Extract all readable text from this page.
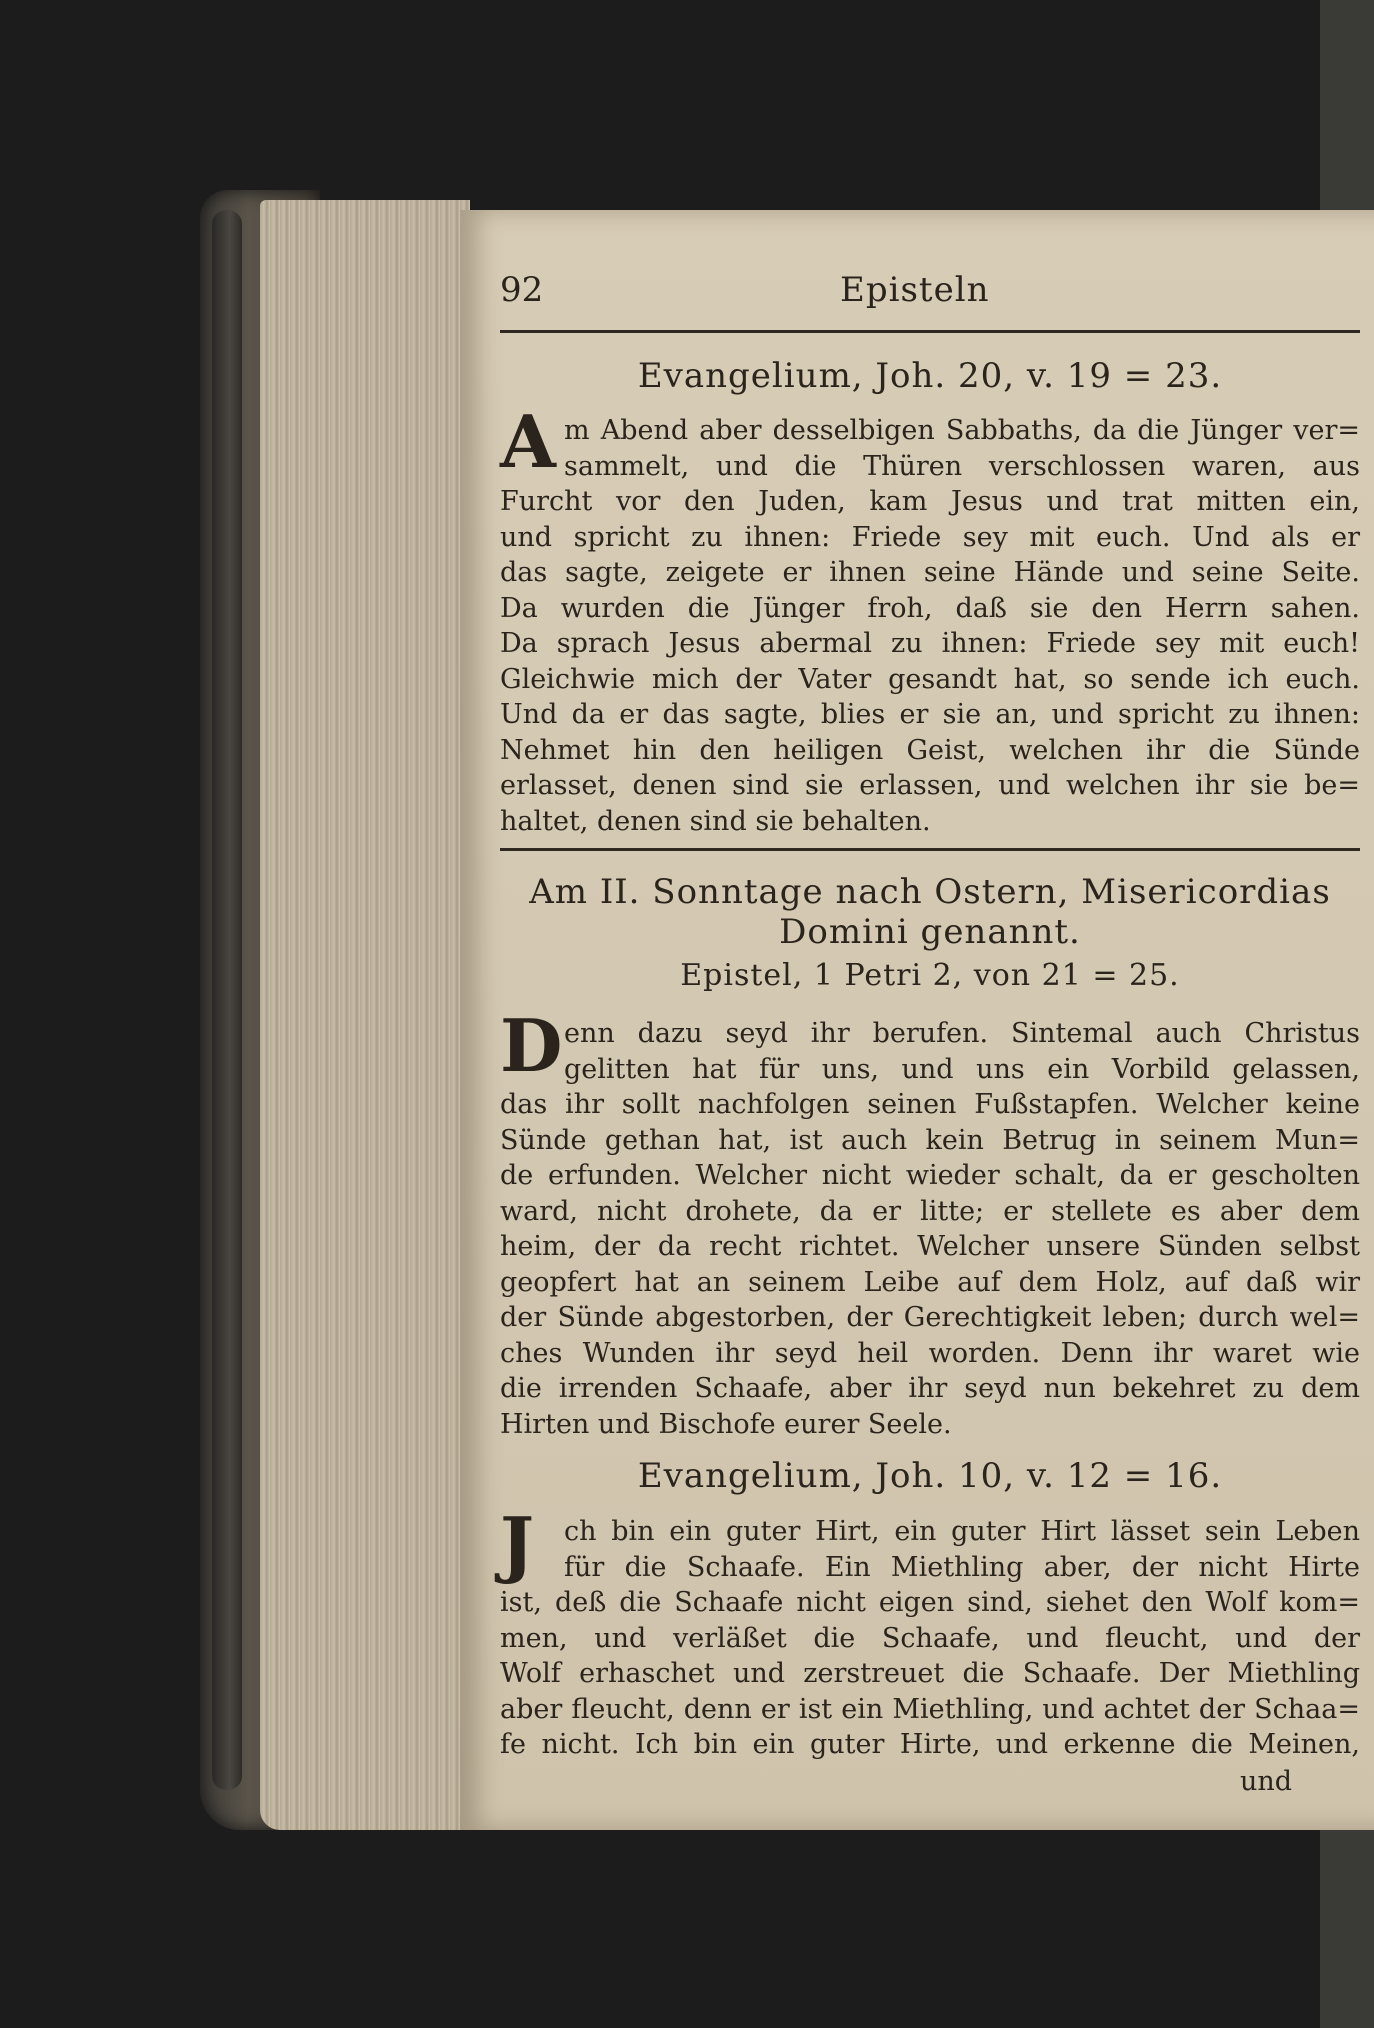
92	Episteln
Evangelium, Joh. 20, v. 19 = 23.
A m Abend aber desselbigen Sabbaths, da die Jünger ver=
sammelt, und die Thüren verschlossen waren, aus
Furcht vor den Juden, kam Jesus und trat mitten ein,
und spricht zu ihnen: Friede sey mit euch. Und als er
das sagte, zeigete er ihnen seine Hände und seine Seite.
Da wurden die Jünger froh, daß sie den Herrn sahen.
Da sprach Jesus abermal zu ihnen: Friede sey mit euch!
Gleichwie mich der Vater gesandt hat, so sende ich euch.
Und da er das sagte, blies er sie an, und spricht zu ihnen:
Nehmet hin den heiligen Geist, welchen ihr die Sünde
erlasset, denen sind sie erlassen, und welchen ihr sie be=
haltet, denen sind sie behalten.
Am II. Sonntage nach Ostern, Misericordias
Domini genannt.
Epistel, 1 Petri 2, von 21 = 25.
D enn dazu seyd ihr berufen. Sintemal auch Christus
gelitten hat für uns, und uns ein Vorbild gelassen,
das ihr sollt nachfolgen seinen Fußstapfen. Welcher keine
Sünde gethan hat, ist auch kein Betrug in seinem Mun=
de erfunden. Welcher nicht wieder schalt, da er gescholten
ward, nicht drohete, da er litte; er stellete es aber dem
heim, der da recht richtet. Welcher unsere Sünden selbst
geopfert hat an seinem Leibe auf dem Holz, auf daß wir
der Sünde abgestorben, der Gerechtigkeit leben; durch wel=
ches Wunden ihr seyd heil worden. Denn ihr waret wie
die irrenden Schaafe, aber ihr seyd nun bekehret zu dem
Hirten und Bischofe eurer Seele.
Evangelium, Joh. 10, v. 12 = 16.
J	ch bin ein guter Hirt, ein guter Hirt lässet sein Leben
für die Schaafe. Ein Miethling aber, der nicht Hirte
ist, deß die Schaafe nicht eigen sind, siehet den Wolf kom=
men, und verläßet die Schaafe, und fleucht, und der
Wolf erhaschet und zerstreuet die Schaafe. Der Miethling
aber fleucht, denn er ist ein Miethling, und achtet der Schaa=
fe nicht. Ich bin ein guter Hirte, und erkenne die Meinen,
und
